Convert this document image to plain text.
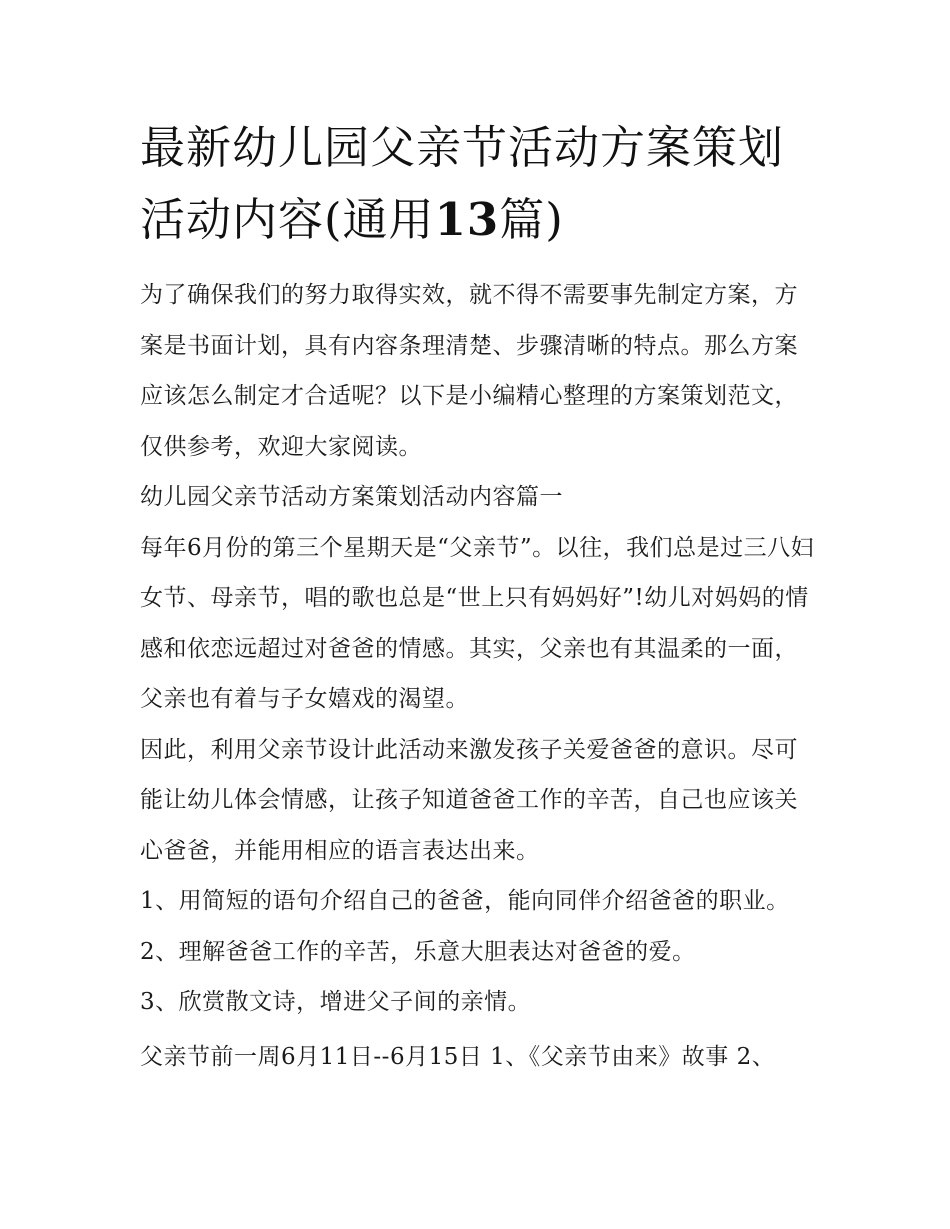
最新幼儿园父亲节活动方案策划活动内容(通用13篇)

为了确保我们的努力取得实效，就不得不需要事先制定方案，方案是书面计划，具有内容条理清楚、步骤清晰的特点。那么方案应该怎么制定才合适呢？以下是小编精心整理的方案策划范文，仅供参考，欢迎大家阅读。

幼儿园父亲节活动方案策划活动内容篇一

每年6月份的第三个星期天是“父亲节”。以往，我们总是过三八妇女节、母亲节，唱的歌也总是“世上只有妈妈好”!幼儿对妈妈的情感和依恋远超过对爸爸的情感。其实，父亲也有其温柔的一面，父亲也有着与子女嬉戏的渴望。

因此，利用父亲节设计此活动来激发孩子关爱爸爸的意识。尽可能让幼儿体会情感，让孩子知道爸爸工作的辛苦，自己也应该关心爸爸，并能用相应的语言表达出来。

1、用简短的语句介绍自己的爸爸，能向同伴介绍爸爸的职业。 2、理解爸爸工作的辛苦，乐意大胆表达对爸爸的爱。

3、欣赏散文诗，增进父子间的亲情。

父亲节前一周6月11日--6月15日 1、《父亲节由来》故事 2、
